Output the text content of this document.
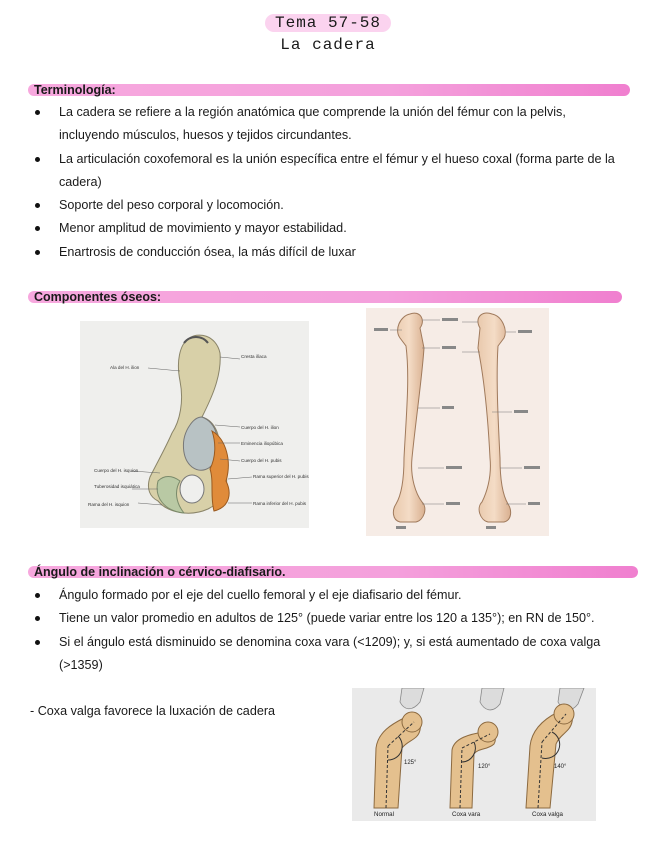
Tema 57-58
La cadera
Terminología:
La cadera se refiere a la región anatómica que comprende la unión del fémur con la pelvis, incluyendo músculos, huesos y tejidos circundantes.
La articulación coxofemoral es la unión específica entre el fémur y el hueso coxal (forma parte de la cadera)
Soporte del peso corporal y locomoción.
Menor amplitud de movimiento y mayor estabilidad.
Enartrosis de conducción ósea, la más difícil de luxar
Componentes óseos:
Ala del H. ilion
Cresta ilíaca
Cuerpo del H. ilion
Eminencia iliopúbica
Cuerpo del H. pubis
Cuerpo del H. isquion
Tuberosidad isquiática
Rama superior del H. pubis
Rama inferior del H. pubis
Rama del H. isquion
Ángulo de inclinación o cérvico-diafisario.
Ángulo formado por el eje del cuello femoral y el eje diafisario del fémur.
Tiene un valor promedio en adultos de 125° (puede variar entre los 120 a 135°); en RN de 150°.
Si el ángulo está disminuido se denomina coxa vara (<1209); y, si está aumentado de coxa valga (>1359)
- Coxa valga favorece la luxación de cadera
125°
120°	140°
Normal	Coxa vara	Coxa valga
